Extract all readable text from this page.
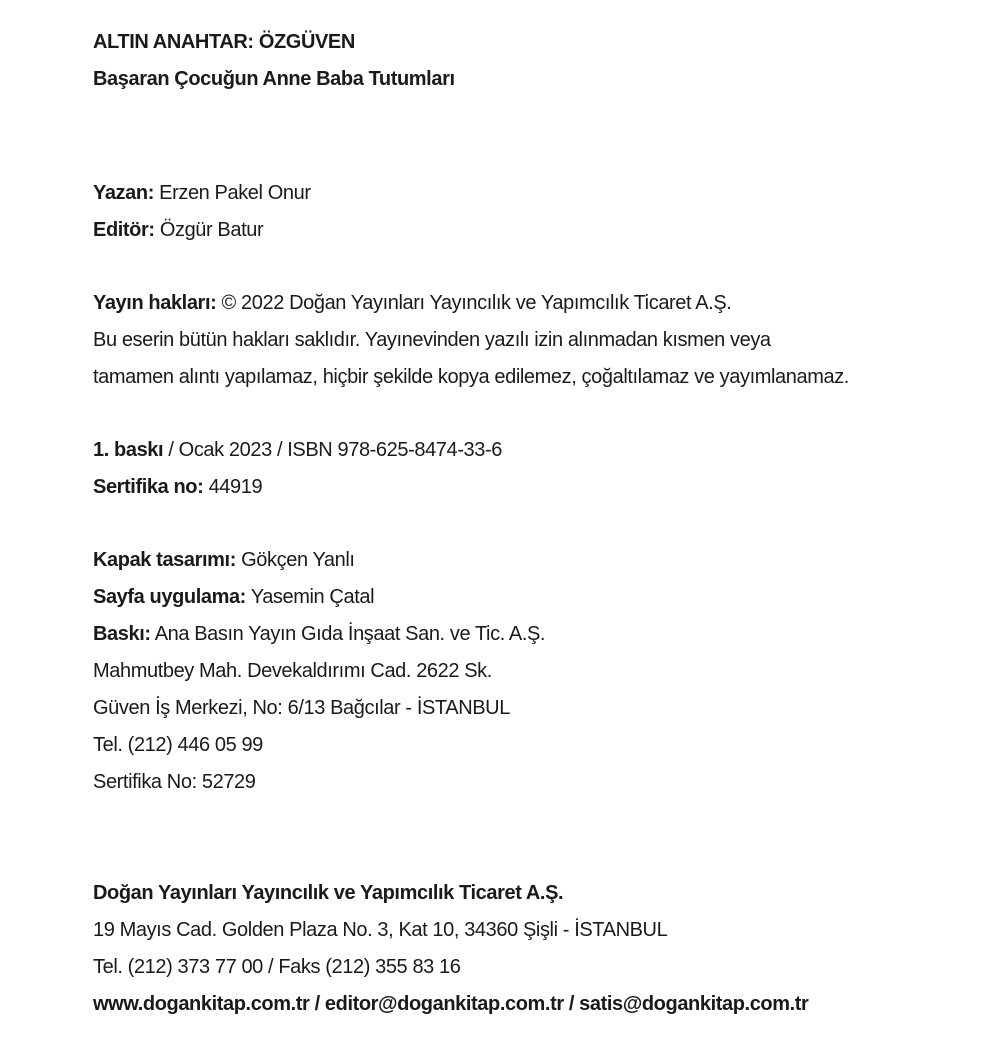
ALTIN ANAHTAR: ÖZGÜVEN
Başaran Çocuğun Anne Baba Tutumları
Yazan: Erzen Pakel Onur
Editör: Özgür Batur
Yayın hakları: © 2022 Doğan Yayınları Yayıncılık ve Yapımcılık Ticaret A.Ş.
Bu eserin bütün hakları saklıdır. Yayınevinden yazılı izin alınmadan kısmen veya
tamamen alıntı yapılamaz, hiçbir şekilde kopya edilemez, çoğaltılamaz ve yayımlanamaz.
1. baskı / Ocak 2023 / ISBN 978-625-8474-33-6
Sertifika no: 44919
Kapak tasarımı: Gökçen Yanlı
Sayfa uygulama: Yasemin Çatal
Baskı: Ana Basın Yayın Gıda İnşaat San. ve Tic. A.Ş.
Mahmutbey Mah. Devekaldırımı Cad. 2622 Sk.
Güven İş Merkezi, No: 6/13 Bağcılar - İSTANBUL
Tel. (212) 446 05 99
Sertifika No: 52729
Doğan Yayınları Yayıncılık ve Yapımcılık Ticaret A.Ş.
19 Mayıs Cad. Golden Plaza No. 3, Kat 10, 34360 Şişli - İSTANBUL
Tel. (212) 373 77 00 / Faks (212) 355 83 16
www.dogankitap.com.tr / editor@dogankitap.com.tr / satis@dogankitap.com.tr
